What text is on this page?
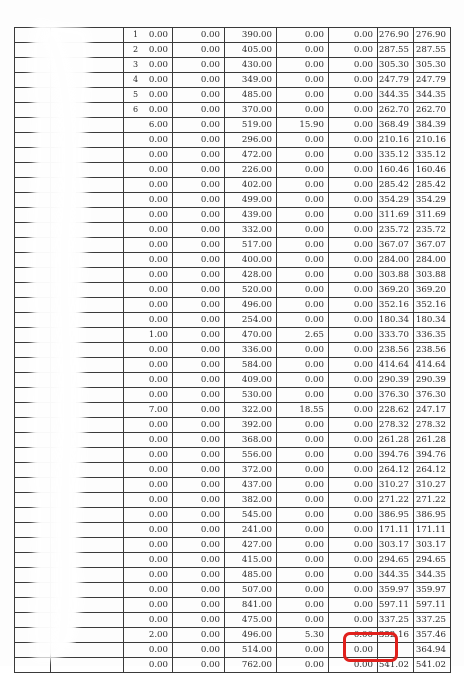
	1	0.00	0.00	390.00	0.00	0.00	276.90	276.90
	2	0.00	0.00	405.00	0.00	0.00	287.55	287.55
	3	0.00	0.00	430.00	0.00	0.00	305.30	305.30
	4	0.00	0.00	349.00	0.00	0.00	247.79	247.79
	5	0.00	0.00	485.00	0.00	0.00	344.35	344.35
	6	0.00	0.00	370.00	0.00	0.00	262.70	262.70
		6.00	0.00	519.00	15.90	0.00	368.49	384.39
		0.00	0.00	296.00	0.00	0.00	210.16	210.16
		0.00	0.00	472.00	0.00	0.00	335.12	335.12
		0.00	0.00	226.00	0.00	0.00	160.46	160.46
		0.00	0.00	402.00	0.00	0.00	285.42	285.42
		0.00	0.00	499.00	0.00	0.00	354.29	354.29
		0.00	0.00	439.00	0.00	0.00	311.69	311.69
		0.00	0.00	332.00	0.00	0.00	235.72	235.72
		0.00	0.00	517.00	0.00	0.00	367.07	367.07
		0.00	0.00	400.00	0.00	0.00	284.00	284.00
		0.00	0.00	428.00	0.00	0.00	303.88	303.88
		0.00	0.00	520.00	0.00	0.00	369.20	369.20
		0.00	0.00	496.00	0.00	0.00	352.16	352.16
		0.00	0.00	254.00	0.00	0.00	180.34	180.34
		1.00	0.00	470.00	2.65	0.00	333.70	336.35
		0.00	0.00	336.00	0.00	0.00	238.56	238.56
		0.00	0.00	584.00	0.00	0.00	414.64	414.64
		0.00	0.00	409.00	0.00	0.00	290.39	290.39
		0.00	0.00	530.00	0.00	0.00	376.30	376.30
		7.00	0.00	322.00	18.55	0.00	228.62	247.17
		0.00	0.00	392.00	0.00	0.00	278.32	278.32
		0.00	0.00	368.00	0.00	0.00	261.28	261.28
		0.00	0.00	556.00	0.00	0.00	394.76	394.76
		0.00	0.00	372.00	0.00	0.00	264.12	264.12
		0.00	0.00	437.00	0.00	0.00	310.27	310.27
		0.00	0.00	382.00	0.00	0.00	271.22	271.22
		0.00	0.00	545.00	0.00	0.00	386.95	386.95
		0.00	0.00	241.00	0.00	0.00	171.11	171.11
		0.00	0.00	427.00	0.00	0.00	303.17	303.17
		0.00	0.00	415.00	0.00	0.00	294.65	294.65
		0.00	0.00	485.00	0.00	0.00	344.35	344.35
		0.00	0.00	507.00	0.00	0.00	359.97	359.97
		0.00	0.00	841.00	0.00	0.00	597.11	597.11
		0.00	0.00	475.00	0.00	0.00	337.25	337.25
		2.00	0.00	496.00	5.30	0.00	352.16	357.46
		0.00	0.00	514.00	0.00	0.00		364.94
		0.00	0.00	762.00	0.00	0.00	541.02	541.02
